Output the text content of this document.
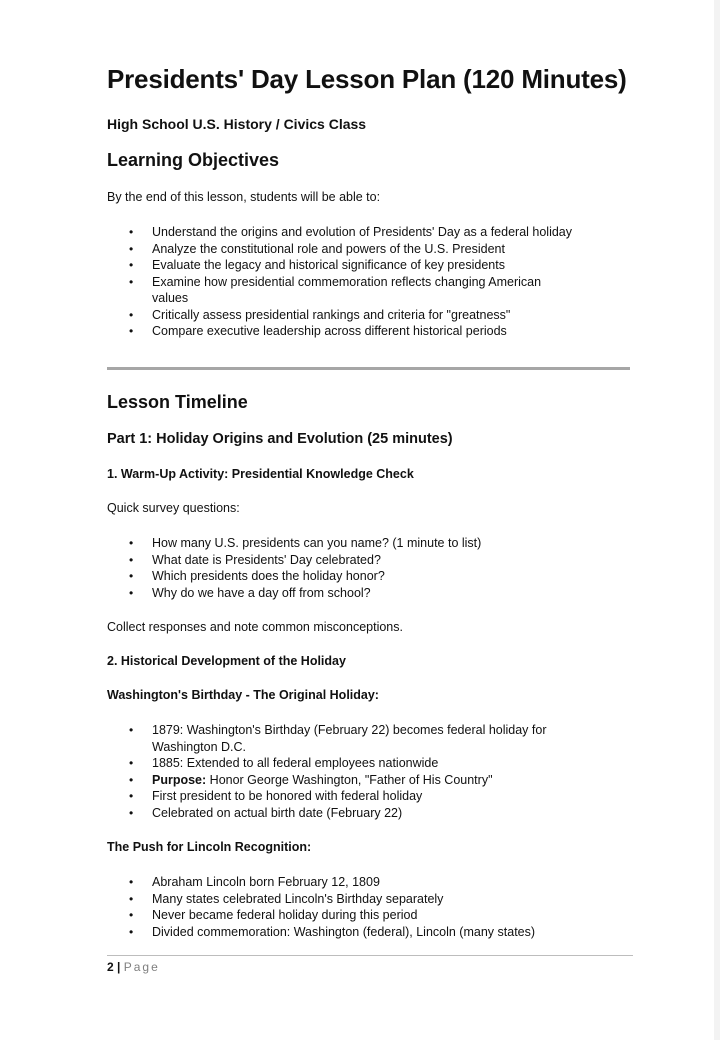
Presidents' Day Lesson Plan (120 Minutes)
High School U.S. History / Civics Class
Learning Objectives
By the end of this lesson, students will be able to:
• Understand the origins and evolution of Presidents' Day as a federal holiday
• Analyze the constitutional role and powers of the U.S. President
• Evaluate the legacy and historical significance of key presidents
• Examine how presidential commemoration reflects changing American values
• Critically assess presidential rankings and criteria for "greatness"
• Compare executive leadership across different historical periods
Lesson Timeline
Part 1: Holiday Origins and Evolution (25 minutes)
1. Warm-Up Activity: Presidential Knowledge Check
Quick survey questions:
• How many U.S. presidents can you name? (1 minute to list)
• What date is Presidents' Day celebrated?
• Which presidents does the holiday honor?
• Why do we have a day off from school?
Collect responses and note common misconceptions.
2. Historical Development of the Holiday
Washington's Birthday - The Original Holiday:
• 1879: Washington's Birthday (February 22) becomes federal holiday for Washington D.C.
• 1885: Extended to all federal employees nationwide
• Purpose: Honor George Washington, "Father of His Country"
• First president to be honored with federal holiday
• Celebrated on actual birth date (February 22)
The Push for Lincoln Recognition:
• Abraham Lincoln born February 12, 1809
• Many states celebrated Lincoln's Birthday separately
• Never became federal holiday during this period
• Divided commemoration: Washington (federal), Lincoln (many states)
2 | Page
